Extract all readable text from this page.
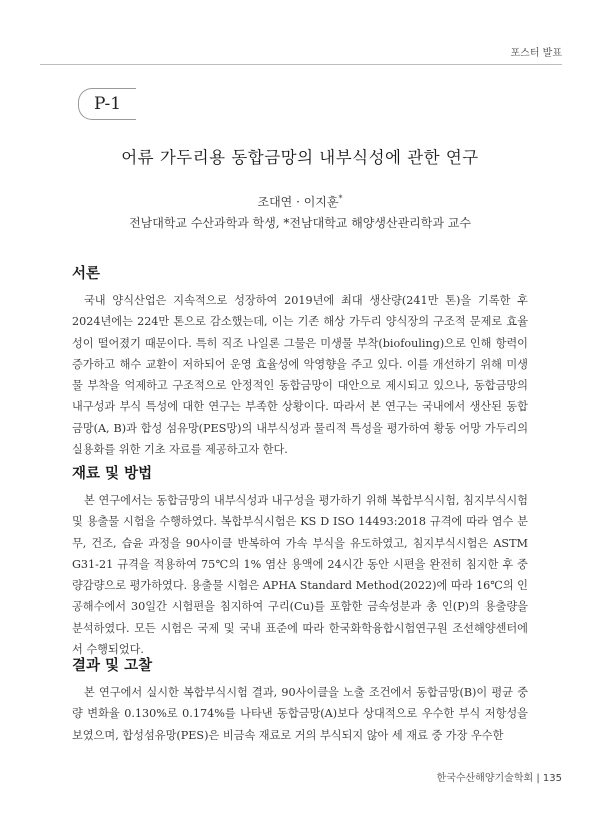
포스터 발표
P-1
어류 가두리용 동합금망의 내부식성에 관한 연구
조대연 · 이지훈*
전남대학교 수산과학과 학생, *전남대학교 해양생산관리학과 교수
서론

국내 양식산업은 지속적으로 성장하여 2019년에 최대 생산량(241만 톤)을 기록한 후 2024년에는 224만 톤으로 감소했는데, 이는 기존 해상 가두리 양식장의 구조적 문제로 효율성이 떨어졌기 때문이다. 특히 직조 나일론 그물은 미생물 부착(biofouling)으로 인해 항력이 증가하고 해수 교환이 저하되어 운영 효율성에 악영향을 주고 있다. 이를 개선하기 위해 미생물 부착을 억제하고 구조적으로 안정적인 동합금망이 대안으로 제시되고 있으나, 동합금망의 내구성과 부식 특성에 대한 연구는 부족한 상황이다. 따라서 본 연구는 국내에서 생산된 동합금망(A, B)과 합성 섬유망(PES망)의 내부식성과 물리적 특성을 평가하여 황동 어망 가두리의 실용화를 위한 기초 자료를 제공하고자 한다.

재료 및 방법

본 연구에서는 동합금망의 내부식성과 내구성을 평가하기 위해 복합부식시험, 침지부식시험 및 용출물 시험을 수행하였다. 복합부식시험은 KS D ISO 14493:2018 규격에 따라 염수 분무, 건조, 습윤 과정을 90사이클 반복하여 가속 부식을 유도하였고, 침지부식시험은 ASTM G31-21 규격을 적용하여 75℃의 1% 염산 용액에 24시간 동안 시편을 완전히 침지한 후 중량감량으로 평가하였다. 용출물 시험은 APHA Standard Method(2022)에 따라 16℃의 인공해수에서 30일간 시험편을 침지하여 구리(Cu)를 포함한 금속성분과 총 인(P)의 용출량을 분석하였다. 모든 시험은 국제 및 국내 표준에 따라 한국화학융합시험연구원 조선해양센터에서 수행되었다.

결과 및 고찰

본 연구에서 실시한 복합부식시험 결과, 90사이클을 노출 조건에서 동합금망(B)이 평균 중량 변화율 0.130%로 0.174%를 나타낸 동합금망(A)보다 상대적으로 우수한 부식 저항성을 보였으며, 합성섬유망(PES)은 비금속 재료로 거의 부식되지 않아 세 재료 중 가장 우수한

한국수산해양기술학회 | 135
